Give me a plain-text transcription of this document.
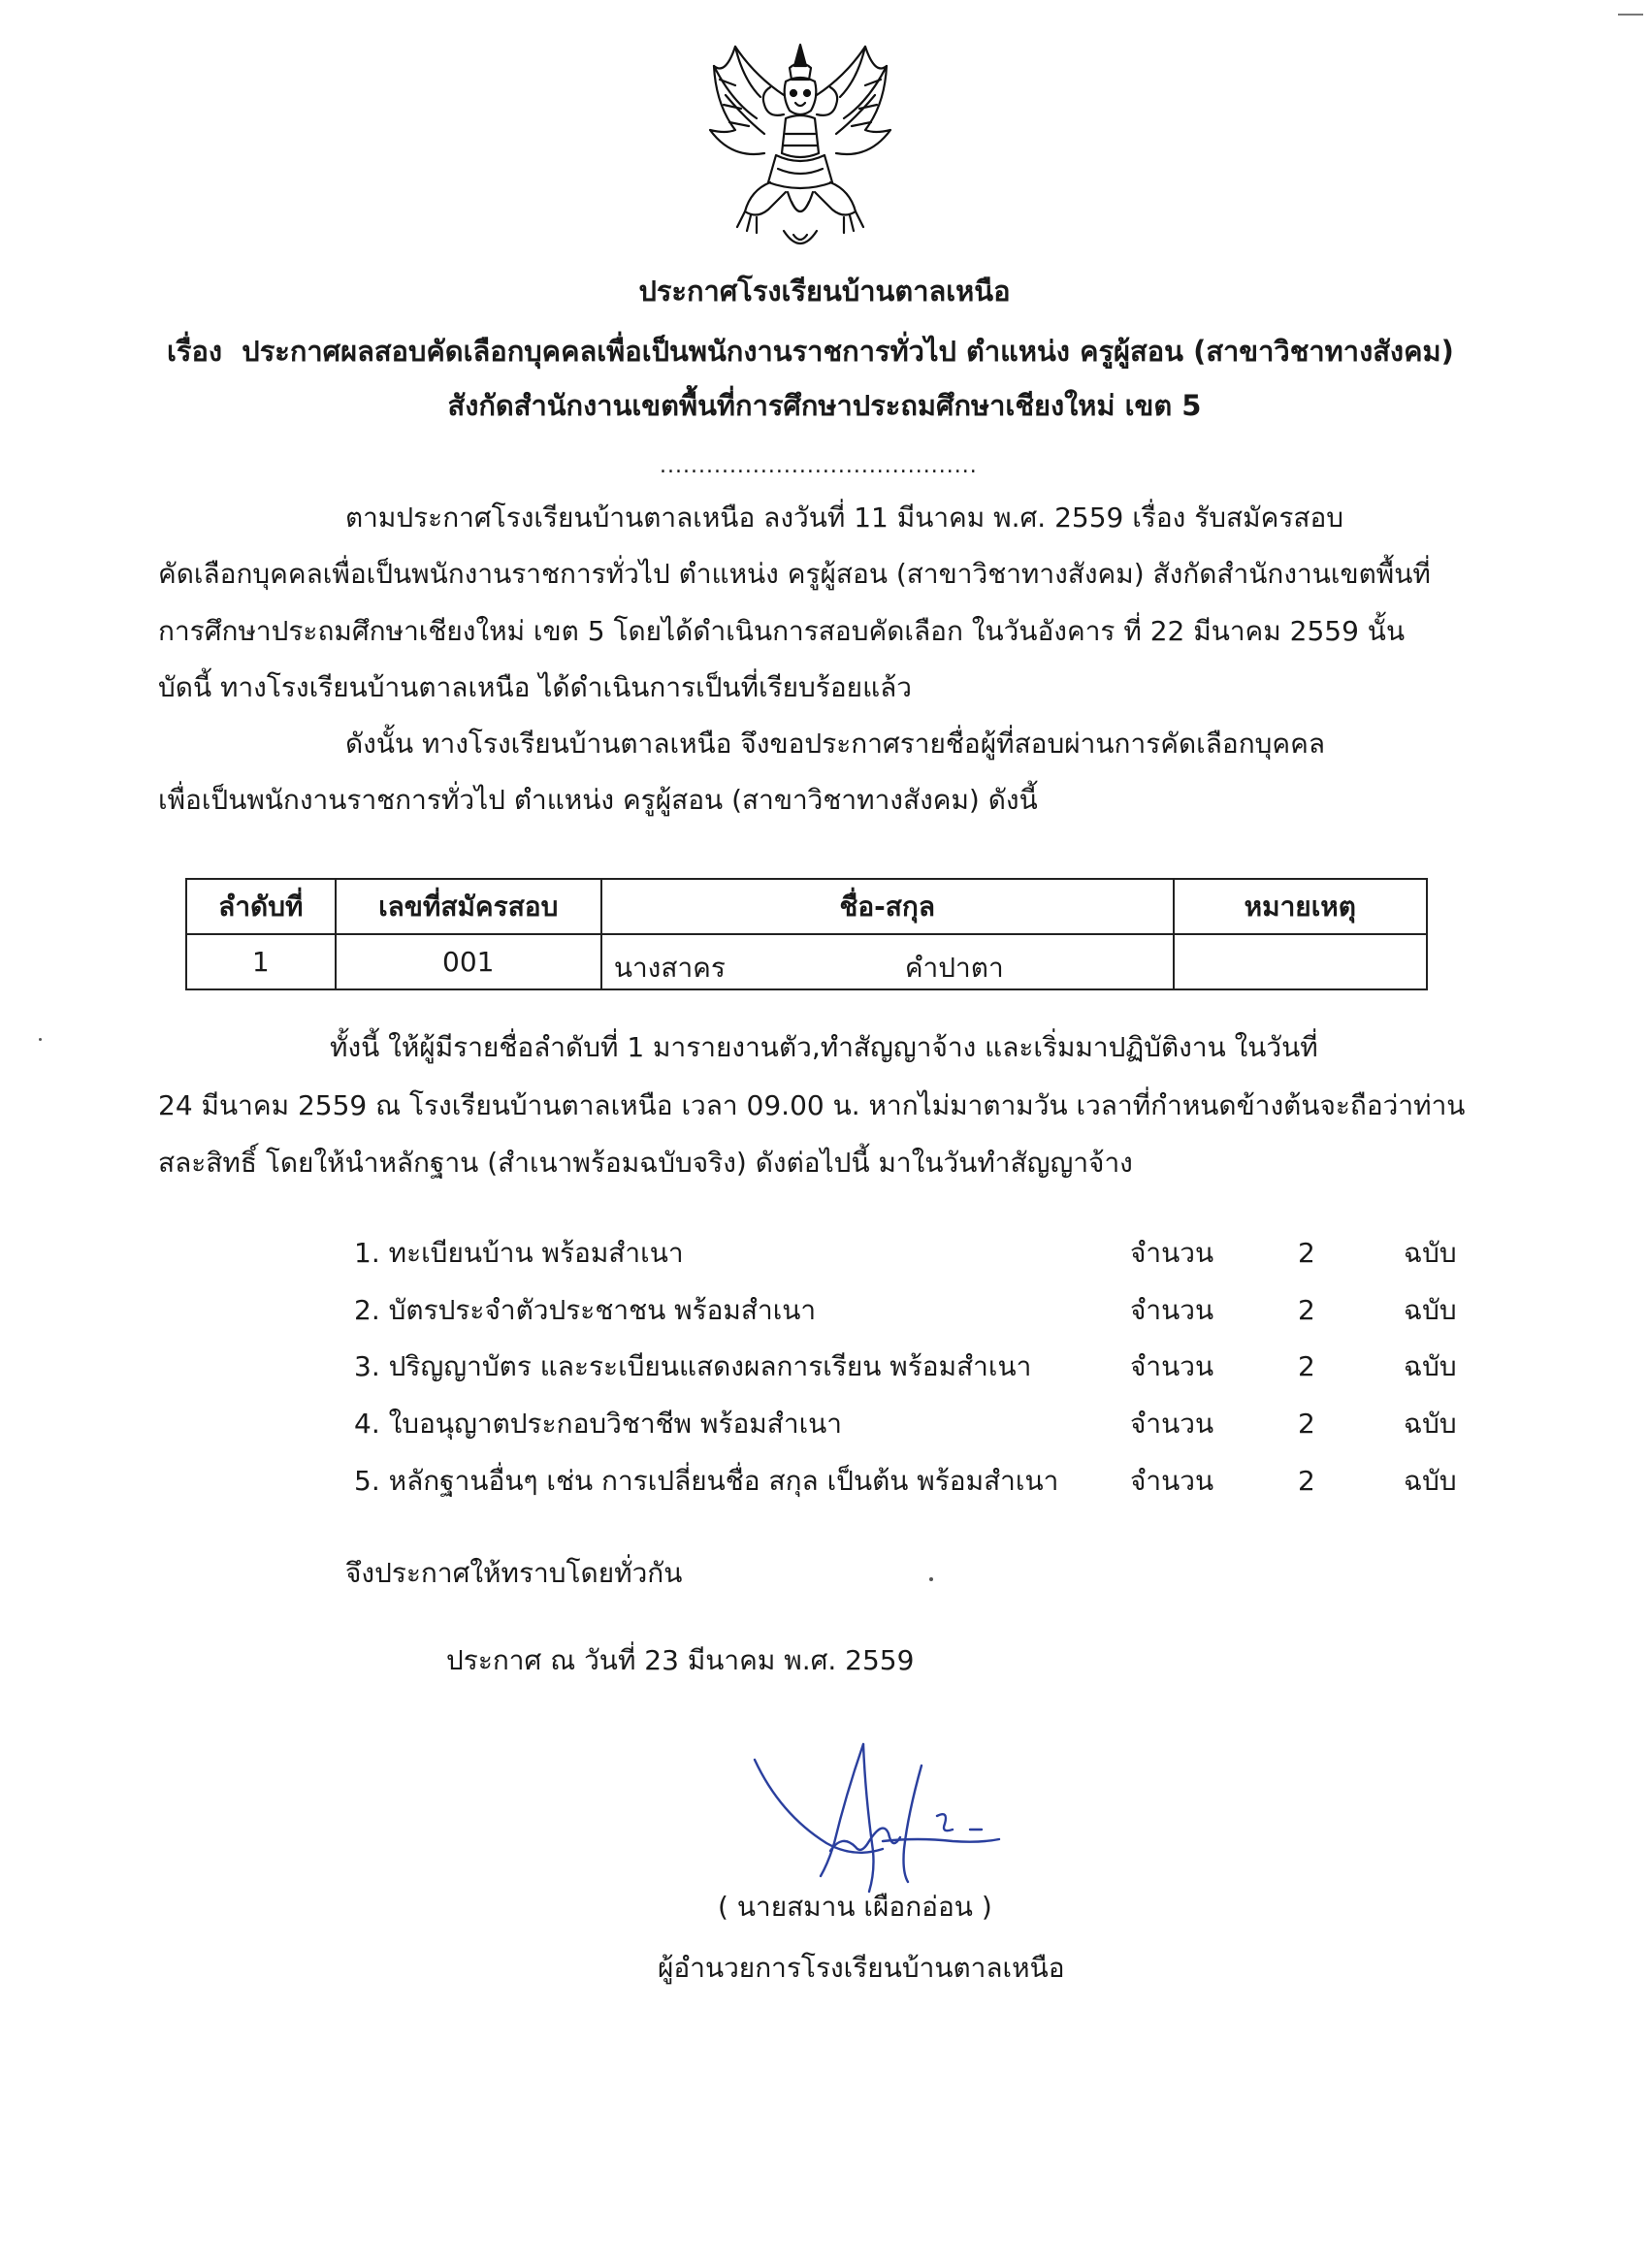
ประกาศโรงเรียนบ้านตาลเหนือ
เรื่อง ประกาศผลสอบคัดเลือกบุคคลเพื่อเป็นพนักงานราชการทั่วไป ตำแหน่ง ครูผู้สอน (สาขาวิชาทางสังคม)
สังกัดสำนักงานเขตพื้นที่การศึกษาประถมศึกษาเชียงใหม่ เขต 5
.........................................
ตามประกาศโรงเรียนบ้านตาลเหนือ ลงวันที่ 11 มีนาคม พ.ศ. 2559 เรื่อง รับสมัครสอบ
คัดเลือกบุคคลเพื่อเป็นพนักงานราชการทั่วไป ตำแหน่ง ครูผู้สอน (สาขาวิชาทางสังคม) สังกัดสำนักงานเขตพื้นที่
การศึกษาประถมศึกษาเชียงใหม่ เขต 5 โดยได้ดำเนินการสอบคัดเลือก ในวันอังคาร ที่ 22 มีนาคม 2559 นั้น
บัดนี้ ทางโรงเรียนบ้านตาลเหนือ ได้ดำเนินการเป็นที่เรียบร้อยแล้ว
ดังนั้น ทางโรงเรียนบ้านตาลเหนือ จึงขอประกาศรายชื่อผู้ที่สอบผ่านการคัดเลือกบุคคล
เพื่อเป็นพนักงานราชการทั่วไป ตำแหน่ง ครูผู้สอน (สาขาวิชาทางสังคม) ดังนี้
ลำดับที่	เลขที่สมัครสอบ	ชื่อ-สกุล	หมายเหตุ
1	001	นางสาคร คำปาตา	

ทั้งนี้ ให้ผู้มีรายชื่อลำดับที่ 1 มารายงานตัว,ทำสัญญาจ้าง และเริ่มมาปฏิบัติงาน ในวันที่
24 มีนาคม 2559 ณ โรงเรียนบ้านตาลเหนือ เวลา 09.00 น. หากไม่มาตามวัน เวลาที่กำหนดข้างต้นจะถือว่าท่าน
สละสิทธิ์ โดยให้นำหลักฐาน (สำเนาพร้อมฉบับจริง) ดังต่อไปนี้ มาในวันทำสัญญาจ้าง
1. ทะเบียนบ้าน พร้อมสำเนา	จำนวน	2	ฉบับ
2. บัตรประจำตัวประชาชน พร้อมสำเนา	จำนวน	2	ฉบับ
3. ปริญญาบัตร และระเบียนแสดงผลการเรียน พร้อมสำเนา	จำนวน	2	ฉบับ
4. ใบอนุญาตประกอบวิชาชีพ พร้อมสำเนา	จำนวน	2	ฉบับ
5. หลักฐานอื่นๆ เช่น การเปลี่ยนชื่อ สกุล เป็นต้น พร้อมสำเนา	จำนวน	2	ฉบับ
จึงประกาศให้ทราบโดยทั่วกัน
ประกาศ ณ วันที่ 23 มีนาคม พ.ศ. 2559
( นายสมาน เผือกอ่อน )
ผู้อำนวยการโรงเรียนบ้านตาลเหนือ
